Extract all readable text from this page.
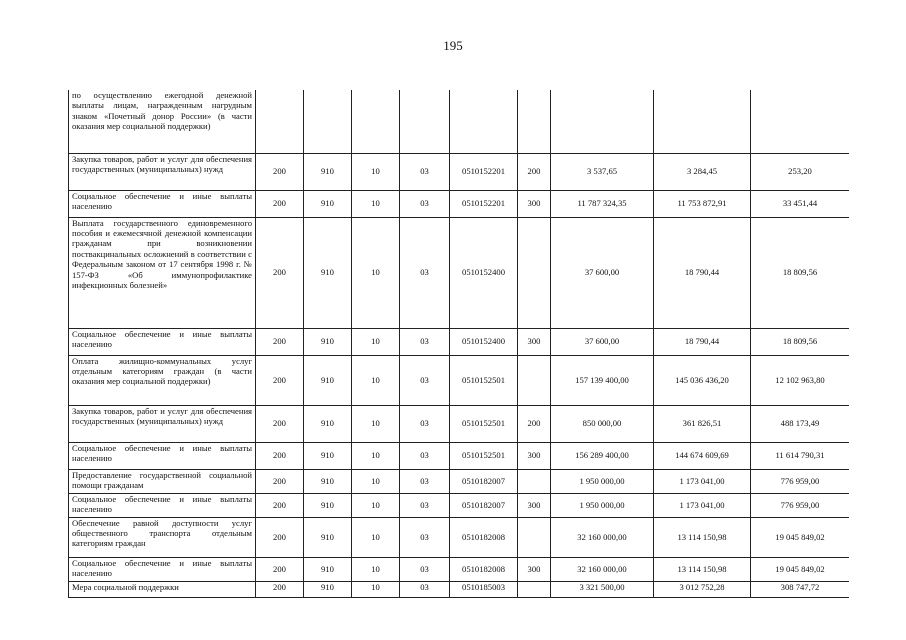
195
по осуществлению ежегодной денежной выплаты лицам, награжденным нагрудным знаком «Почетный донор России» (в части оказания мер социальной поддержки)									
Закупка товаров, работ и услуг для обеспечения государственных (муниципальных) нужд	200	910	10	03	0510152201	200	3 537,65	3 284,45	253,20
Социальное обеспечение и иные выплаты населению	200	910	10	03	0510152201	300	11 787 324,35	11 753 872,91	33 451,44
Выплата государственного единовременного пособия и ежемесячной денежной компенсации гражданам при возникновении поствакцинальных осложнений в соответствии с Федеральным законом от 17 сентября 1998 г. № 157-ФЗ «Об иммунопрофилактике инфекционных болезней»	200	910	10	03	0510152400		37 600,00	18 790,44	18 809,56
Социальное обеспечение и иные выплаты населению	200	910	10	03	0510152400	300	37 600,00	18 790,44	18 809,56
Оплата жилищно-коммунальных услуг отдельным категориям граждан (в части оказания мер социальной поддержки)	200	910	10	03	0510152501		157 139 400,00	145 036 436,20	12 102 963,80
Закупка товаров, работ и услуг для обеспечения государственных (муниципальных) нужд	200	910	10	03	0510152501	200	850 000,00	361 826,51	488 173,49
Социальное обеспечение и иные выплаты населению	200	910	10	03	0510152501	300	156 289 400,00	144 674 609,69	11 614 790,31
Предоставление государственной социальной помощи гражданам	200	910	10	03	0510182007		1 950 000,00	1 173 041,00	776 959,00
Социальное обеспечение и иные выплаты населению	200	910	10	03	0510182007	300	1 950 000,00	1 173 041,00	776 959,00
Обеспечение равной доступности услуг общественного транспорта отдельным категориям граждан	200	910	10	03	0510182008		32 160 000,00	13 114 150,98	19 045 849,02
Социальное обеспечение и иные выплаты населению	200	910	10	03	0510182008	300	32 160 000,00	13 114 150,98	19 045 849,02
Мера социальной поддержки	200	910	10	03	0510185003		3 321 500,00	3 012 752,28	308 747,72
